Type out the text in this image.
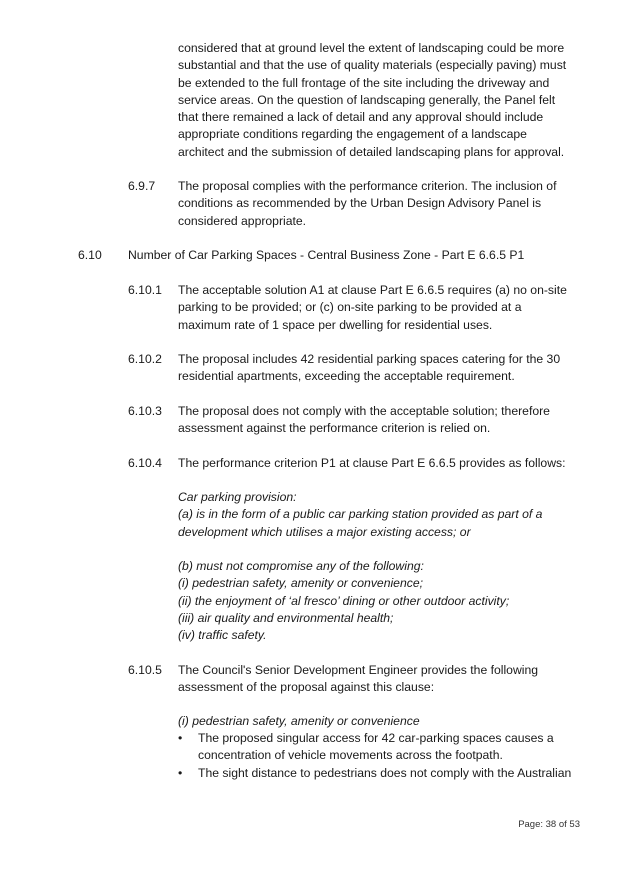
considered that at ground level the extent of landscaping could be more
substantial and that the use of quality materials (especially paving) must
be extended to the full frontage of the site including the driveway and
service areas. On the question of landscaping generally, the Panel felt
that there remained a lack of detail and any approval should include
appropriate conditions regarding the engagement of a landscape
architect and the submission of detailed landscaping plans for approval.
6.9.7 The proposal complies with the performance criterion. The inclusion of
conditions as recommended by the Urban Design Advisory Panel is
considered appropriate.
6.10 Number of Car Parking Spaces - Central Business Zone - Part E 6.6.5 P1
6.10.1 The acceptable solution A1 at clause Part E 6.6.5 requires (a) no on-site
parking to be provided; or (c) on-site parking to be provided at a
maximum rate of 1 space per dwelling for residential uses.
6.10.2 The proposal includes 42 residential parking spaces catering for the 30
residential apartments, exceeding the acceptable requirement.
6.10.3 The proposal does not comply with the acceptable solution; therefore
assessment against the performance criterion is relied on.
6.10.4 The performance criterion P1 at clause Part E 6.6.5 provides as follows:
Car parking provision:
(a) is in the form of a public car parking station provided as part of a
development which utilises a major existing access; or
(b) must not compromise any of the following:
(i) pedestrian safety, amenity or convenience;
(ii) the enjoyment of ‘al fresco’ dining or other outdoor activity;
(iii) air quality and environmental health;
(iv) traffic safety.
6.10.5 The Council's Senior Development Engineer provides the following
assessment of the proposal against this clause:
(i) pedestrian safety, amenity or convenience
•	The proposed singular access for 42 car-parking spaces causes a
concentration of vehicle movements across the footpath.
•	The sight distance to pedestrians does not comply with the Australian
Page: 38 of 53
